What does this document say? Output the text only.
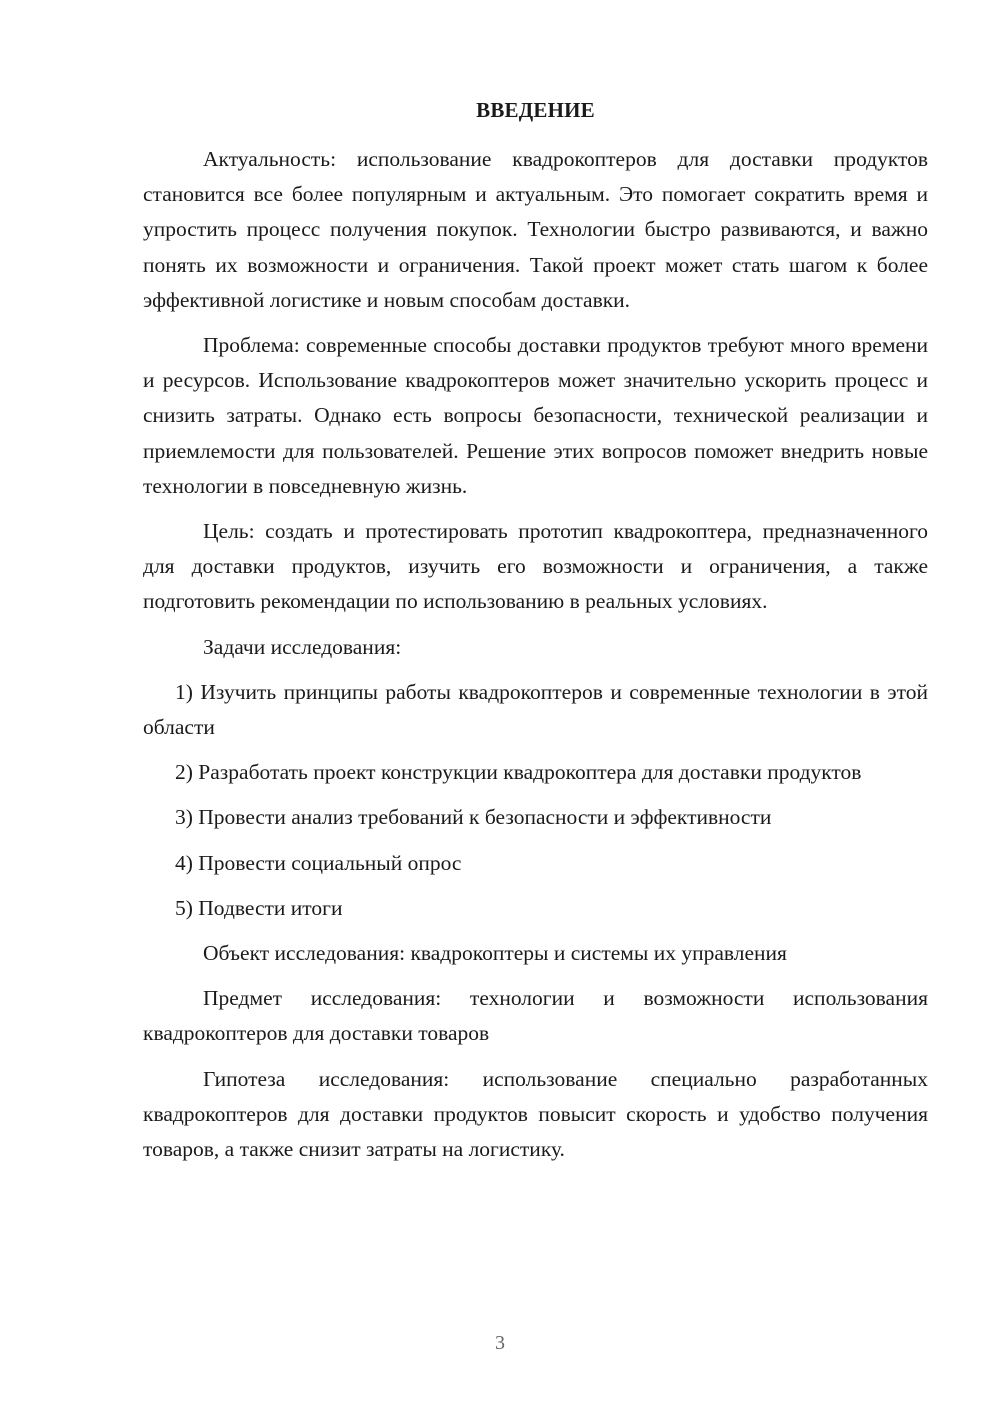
ВВЕДЕНИЕ

Актуальность: использование квадрокоптеров для доставки продуктов становится все более популярным и актуальным. Это помогает сократить время и упростить процесс получения покупок. Технологии быстро развиваются, и важно понять их возможности и ограничения. Такой проект может стать шагом к более эффективной логистике и новым способам доставки.

Проблема: современные способы доставки продуктов требуют много времени и ресурсов. Использование квадрокоптеров может значительно ускорить процесс и снизить затраты. Однако есть вопросы безопасности, технической реализации и приемлемости для пользователей. Решение этих вопросов поможет внедрить новые технологии в повседневную жизнь.

Цель: создать и протестировать прототип квадрокоптера, предназначенного для доставки продуктов, изучить его возможности и ограничения, а также подготовить рекомендации по использованию в реальных условиях.

Задачи исследования:

1) Изучить принципы работы квадрокоптеров и современные технологии в этой области

2) Разработать проект конструкции квадрокоптера для доставки продуктов

3) Провести анализ требований к безопасности и эффективности

4) Провести социальный опрос

5) Подвести итоги

Объект исследования: квадрокоптеры и системы их управления

Предмет исследования: технологии и возможности использования квадрокоптеров для доставки товаров

Гипотеза исследования: использование специально разработанных квадрокоптеров для доставки продуктов повысит скорость и удобство получения товаров, а также снизит затраты на логистику.

3
